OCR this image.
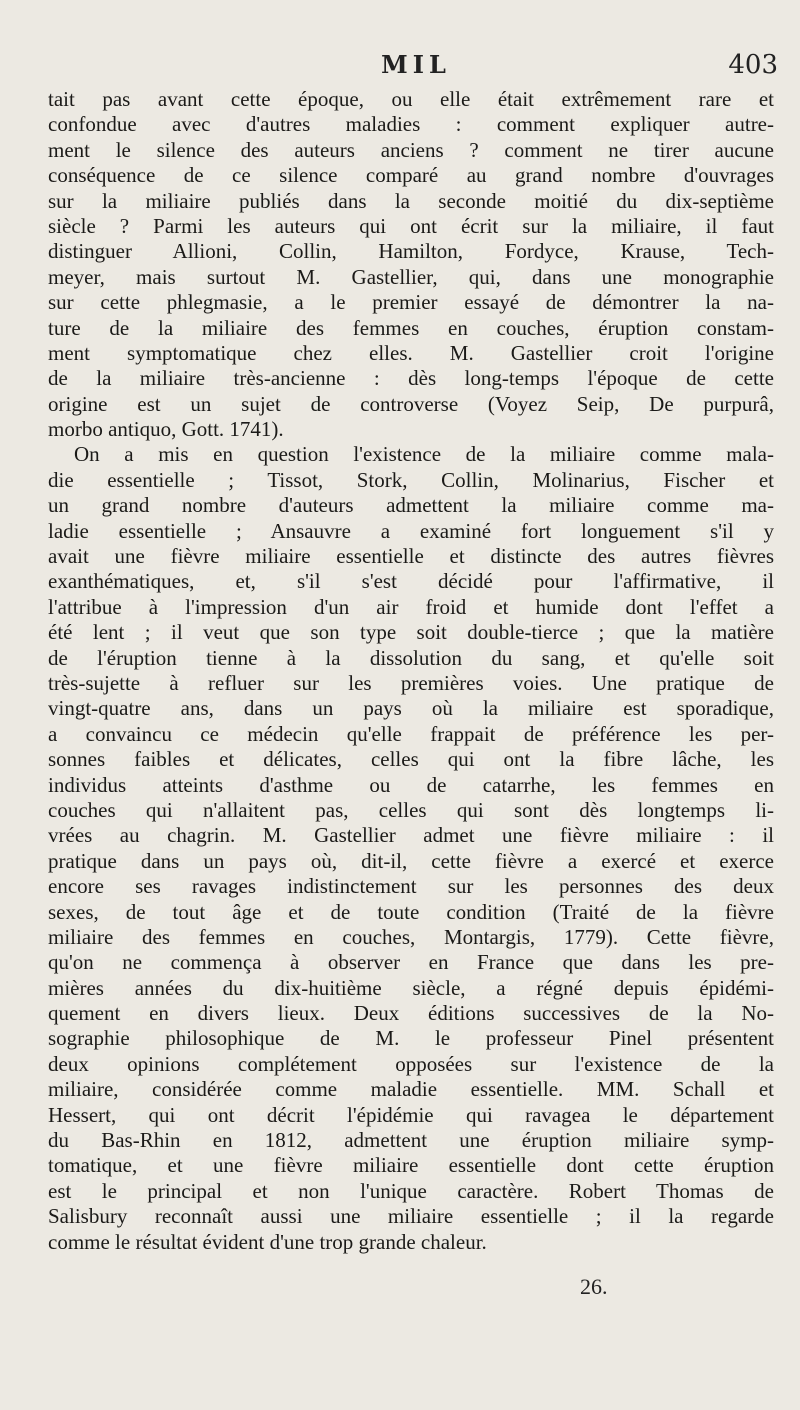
MIL	403
tait pas avant cette époque, ou elle était extrêmement rare et
confondue avec d'autres maladies : comment expliquer autre-
ment le silence des auteurs anciens ? comment ne tirer aucune
conséquence de ce silence comparé au grand nombre d'ouvrages
sur la miliaire publiés dans la seconde moitié du dix-septième
siècle ? Parmi les auteurs qui ont écrit sur la miliaire, il faut
distinguer Allioni, Collin, Hamilton, Fordyce, Krause, Tech-
meyer, mais surtout M. Gastellier, qui, dans une monographie
sur cette phlegmasie, a le premier essayé de démontrer la na-
ture de la miliaire des femmes en couches, éruption constam-
ment symptomatique chez elles. M. Gastellier croit l'origine
de la miliaire très-ancienne : dès long-temps l'époque de cette
origine est un sujet de controverse (Voyez Seip, De purpurâ,
morbo antiquo, Gott. 1741).
On a mis en question l'existence de la miliaire comme mala-
die essentielle ; Tissot, Stork, Collin, Molinarius, Fischer et
un grand nombre d'auteurs admettent la miliaire comme ma-
ladie essentielle ; Ansauvre a examiné fort longuement s'il y
avait une fièvre miliaire essentielle et distincte des autres fièvres
exanthématiques, et, s'il s'est décidé pour l'affirmative, il
l'attribue à l'impression d'un air froid et humide dont l'effet a
été lent ; il veut que son type soit double-tierce ; que la matière
de l'éruption tienne à la dissolution du sang, et qu'elle soit
très-sujette à refluer sur les premières voies. Une pratique de
vingt-quatre ans, dans un pays où la miliaire est sporadique,
a convaincu ce médecin qu'elle frappait de préférence les per-
sonnes faibles et délicates, celles qui ont la fibre lâche, les
individus atteints d'asthme ou de catarrhe, les femmes en
couches qui n'allaitent pas, celles qui sont dès longtemps li-
vrées au chagrin. M. Gastellier admet une fièvre miliaire : il
pratique dans un pays où, dit-il, cette fièvre a exercé et exerce
encore ses ravages indistinctement sur les personnes des deux
sexes, de tout âge et de toute condition (Traité de la fièvre
miliaire des femmes en couches, Montargis, 1779). Cette fièvre,
qu'on ne commença à observer en France que dans les pre-
mières années du dix-huitième siècle, a régné depuis épidémi-
quement en divers lieux. Deux éditions successives de la No-
sographie philosophique de M. le professeur Pinel présentent
deux opinions complétement opposées sur l'existence de la
miliaire, considérée comme maladie essentielle. MM. Schall et
Hessert, qui ont décrit l'épidémie qui ravagea le département
du Bas-Rhin en 1812, admettent une éruption miliaire symp-
tomatique, et une fièvre miliaire essentielle dont cette éruption
est le principal et non l'unique caractère. Robert Thomas de
Salisbury reconnaît aussi une miliaire essentielle ; il la regarde
comme le résultat évident d'une trop grande chaleur.
26.
